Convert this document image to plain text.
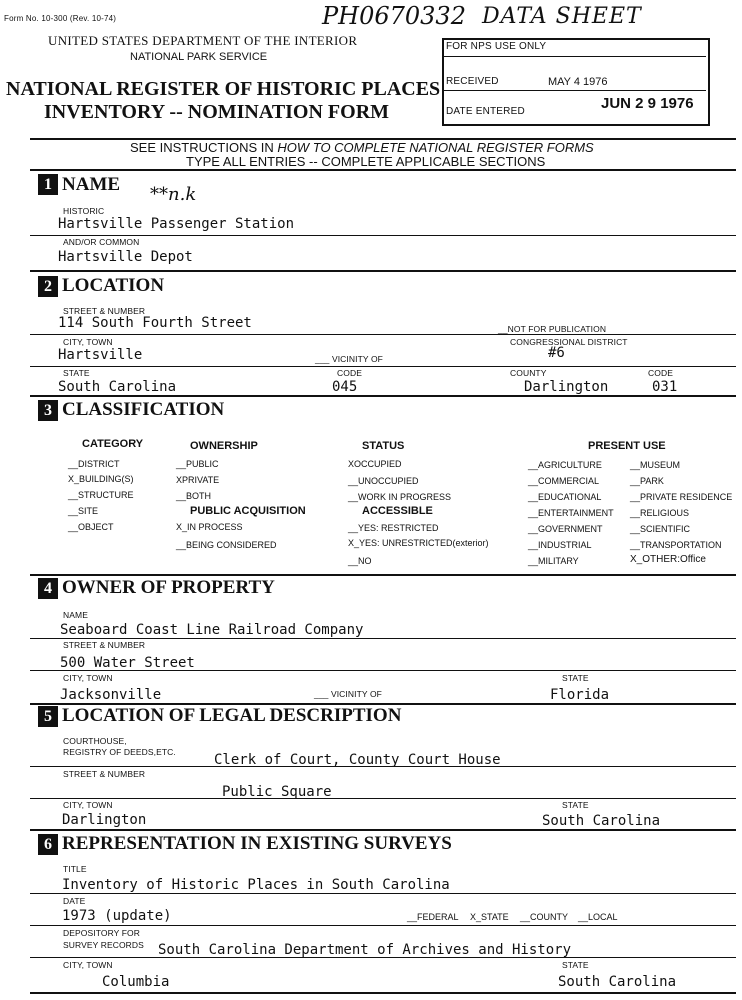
Form No. 10-300 (Rev. 10-74)	PH0670332 DATA SHEET
UNITED STATES DEPARTMENT OF THE INTERIOR
NATIONAL PARK SERVICE
NATIONAL REGISTER OF HISTORIC PLACES
INVENTORY -- NOMINATION FORM
FOR NPS USE ONLY
RECEIVED	MAY 4 1976
DATE ENTERED	JUN 2 9 1976
SEE INSTRUCTIONS IN HOW TO COMPLETE NATIONAL REGISTER FORMS
TYPE ALL ENTRIES -- COMPLETE APPLICABLE SECTIONS
1 NAME **n.k
HISTORIC
Hartsville Passenger Station
AND/OR COMMON
Hartsville Depot
2 LOCATION
STREET & NUMBER
114 South Fourth Street	__NOT FOR PUBLICATION
CITY, TOWN	CONGRESSIONAL DISTRICT
#6
Hartsville	___ VICINITY OF
STATE	CODE	COUNTY	CODE
South Carolina	045	Darlington	031
3 CLASSIFICATION
CATEGORY	OWNERSHIP	STATUS	PRESENT USE
__DISTRICT
X_BUILDING(S)
__STRUCTURE
__SITE
__OBJECT
__PUBLIC
XPRIVATE
__BOTH
PUBLIC ACQUISITION
X_IN PROCESS
__BEING CONSIDERED
XOCCUPIED
__UNOCCUPIED
__WORK IN PROGRESS
ACCESSIBLE
__YES: RESTRICTED
X_YES: UNRESTRICTED(exterior)
__NO
__AGRICULTURE
__COMMERCIAL
__EDUCATIONAL
__ENTERTAINMENT
__GOVERNMENT
__INDUSTRIAL
__MILITARY
__MUSEUM
__PARK
__PRIVATE RESIDENCE
__RELIGIOUS
__SCIENTIFIC
__TRANSPORTATION
X_OTHER:Office
4 OWNER OF PROPERTY
NAME
Seaboard Coast Line Railroad Company
STREET & NUMBER
500 Water Street
CITY, TOWN	STATE
Jacksonville	___ VICINITY OF	Florida
5 LOCATION OF LEGAL DESCRIPTION
COURTHOUSE,
REGISTRY OF DEEDS,ETC.	Clerk of Court, County Court House
STREET & NUMBER
Public Square
CITY, TOWN	STATE
Darlington	South Carolina
6 REPRESENTATION IN EXISTING SURVEYS
TITLE
Inventory of Historic Places in South Carolina
DATE
1973 (update)	__FEDERAL X_STATE __COUNTY __LOCAL
DEPOSITORY FOR
SURVEY RECORDS South Carolina Department of Archives and History
CITY, TOWN	STATE
Columbia	South Carolina
